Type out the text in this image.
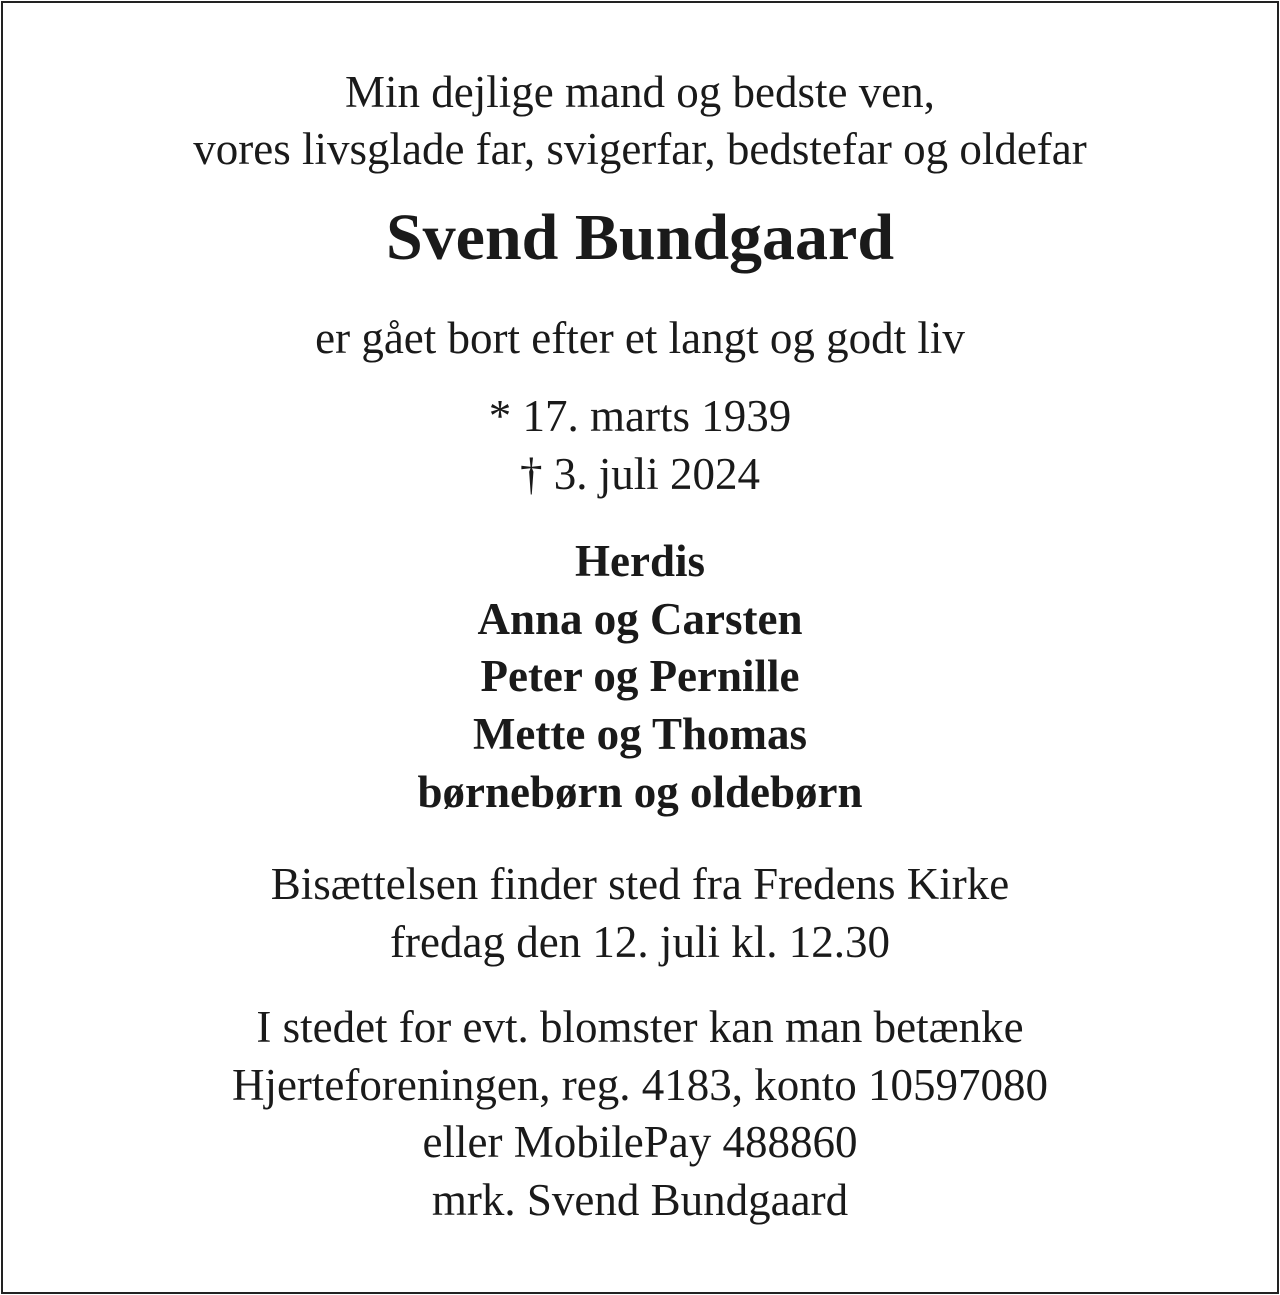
Min dejlige mand og bedste ven,
vores livsglade far, svigerfar, bedstefar og oldefar
Svend Bundgaard
er gået bort efter et langt og godt liv
* 17. marts 1939
† 3. juli 2024
Herdis
Anna og Carsten
Peter og Pernille
Mette og Thomas
børnebørn og oldebørn
Bisættelsen finder sted fra Fredens Kirke
fredag den 12. juli kl. 12.30
I stedet for evt. blomster kan man betænke
Hjerteforeningen, reg. 4183, konto 10597080
eller MobilePay 488860
mrk. Svend Bundgaard
